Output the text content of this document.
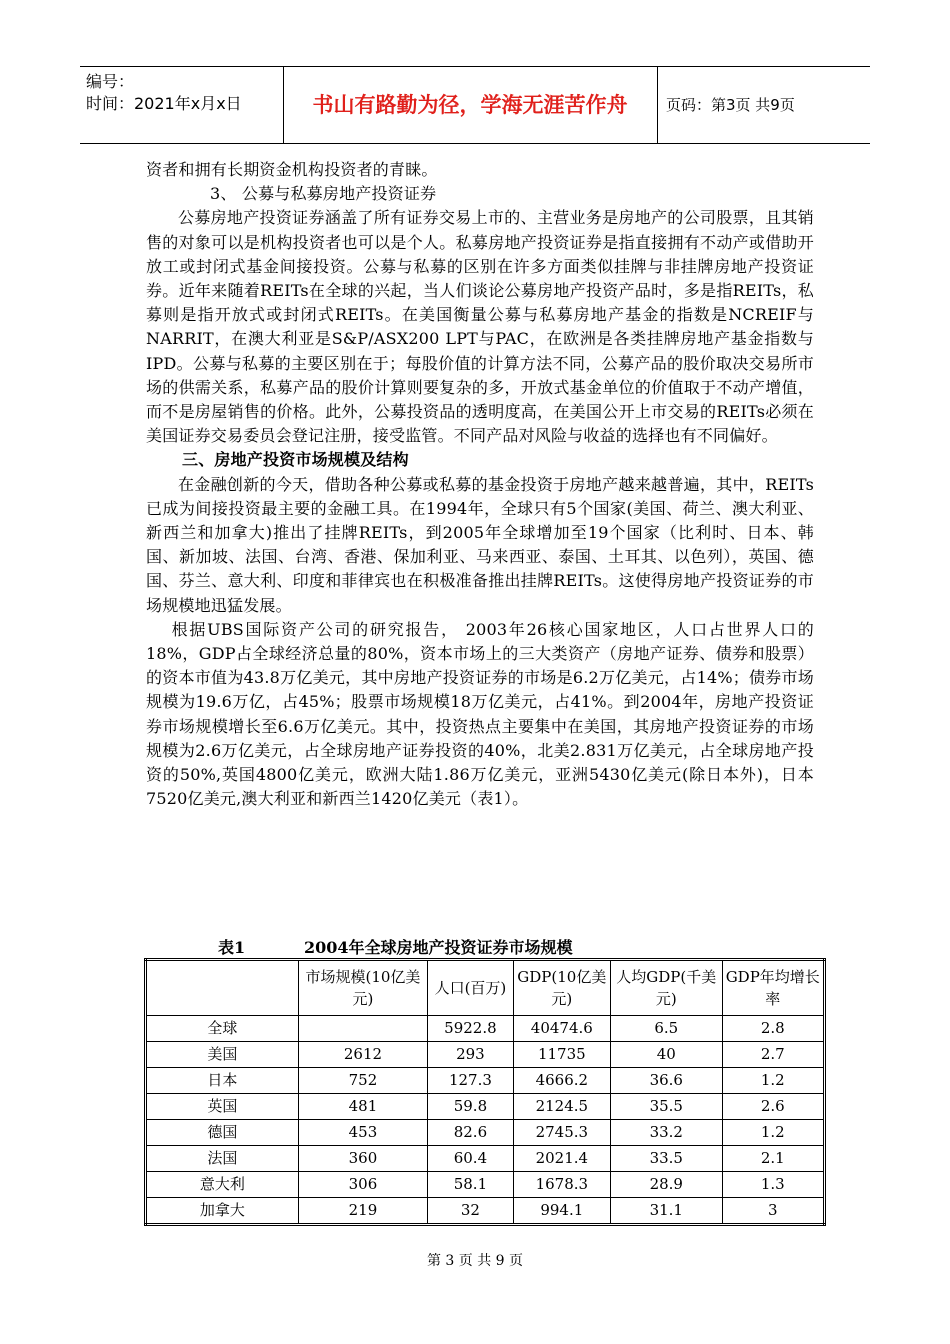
编号：
时间：2021年x月x日	书山有路勤为径，学海无涯苦作舟	页码：第3页 共9页

资者和拥有长期资金机构投资者的青睐。

3、 公募与私募房地产投资证券

公募房地产投资证券涵盖了所有证券交易上市的、主营业务是房地产的公司股票，且其销售的对象可以是机构投资者也可以是个人。私募房地产投资证券是指直接拥有不动产或借助开放工或封闭式基金间接投资。公募与私募的区别在许多方面类似挂牌与非挂牌房地产投资证券。近年来随着REITs在全球的兴起，当人们谈论公募房地产投资产品时，多是指REITs，私募则是指开放式或封闭式REITs。在美国衡量公募与私募房地产基金的指数是NCREIF与NARRIT，在澳大利亚是S&P/ASX200 LPT与PAC，在欧洲是各类挂牌房地产基金指数与IPD。公募与私募的主要区别在于；每股价值的计算方法不同，公募产品的股价取决交易所市场的供需关系，私募产品的股价计算则要复杂的多，开放式基金单位的价值取于不动产增值，而不是房屋销售的价格。此外，公募投资品的透明度高，在美国公开上市交易的REITs必须在美国证券交易委员会登记注册，接受监管。不同产品对风险与收益的选择也有不同偏好。

三、房地产投资市场规模及结构

在金融创新的今天，借助各种公募或私募的基金投资于房地产越来越普遍，其中，REITs已成为间接投资最主要的金融工具。在1994年，全球只有5个国家(美国、荷兰、澳大利亚、新西兰和加拿大)推出了挂牌REITs，到2005年全球增加至19个国家（比利时、日本、韩国、新加坡、法国、台湾、香港、保加利亚、马来西亚、泰国、土耳其、以色列），英国、德国、芬兰、意大利、印度和菲律宾也在积极准备推出挂牌REITs。这使得房地产投资证券的市场规模地迅猛发展。

根据UBS国际资产公司的研究报告， 2003年26核心国家地区，人口占世界人口的18%，GDP占全球经济总量的80%，资本市场上的三大类资产（房地产证券、债券和股票）的资本市值为43.8万亿美元，其中房地产投资证券的市场是6.2万亿美元，占14%；债券市场规模为19.6万亿，占45%；股票市场规模18万亿美元，占41%。到2004年，房地产投资证券市场规模增长至6.6万亿美元。其中，投资热点主要集中在美国，其房地产投资证券的市场规模为2.6万亿美元，占全球房地产证券投资的40%，北美2.831万亿美元，占全球房地产投资的50%,英国4800亿美元，欧洲大陆1.86万亿美元，亚洲5430亿美元(除日本外)，日本7520亿美元,澳大利亚和新西兰1420亿美元（表1）。

表1	2004年全球房地产投资证券市场规模
	市场规模(10亿美元)	人口(百万)	GDP(10亿美元)	人均GDP(千美元)	GDP年均增长率
全球		5922.8	40474.6	6.5	2.8
美国	2612	293	11735	40	2.7
日本	752	127.3	4666.2	36.6	1.2
英国	481	59.8	2124.5	35.5	2.6
德国	453	82.6	2745.3	33.2	1.2
法国	360	60.4	2021.4	33.5	2.1
意大利	306	58.1	1678.3	28.9	1.3
加拿大	219	32	994.1	31.1	3
第 3 页 共 9 页
